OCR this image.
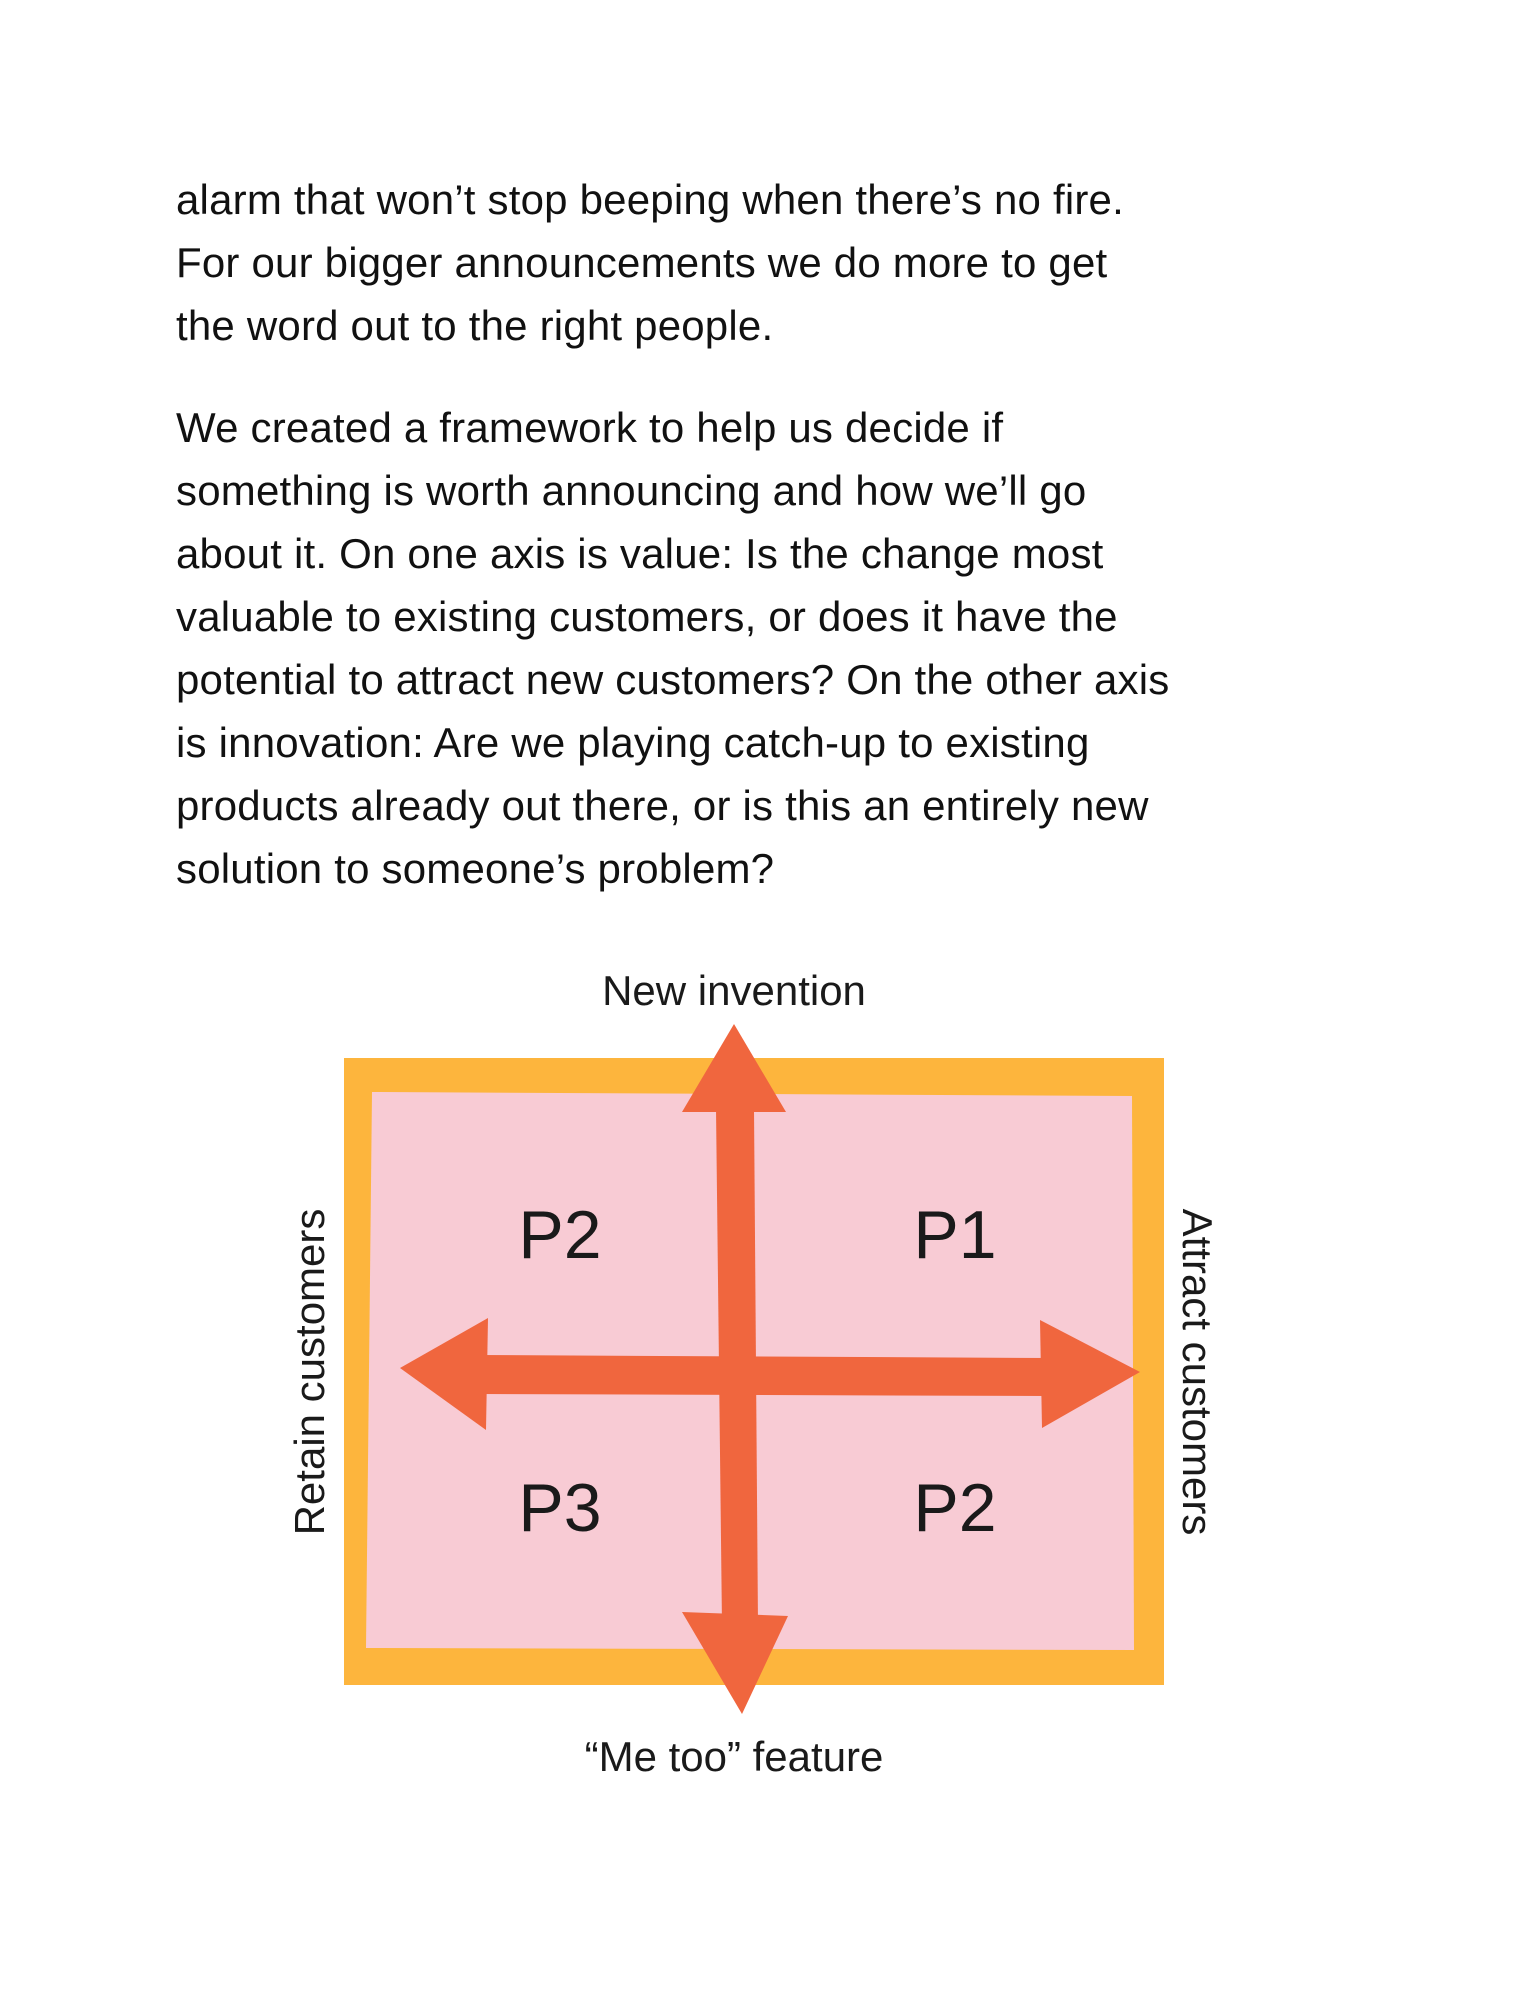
alarm that won’t stop beeping when there’s no fire.
For our bigger announcements we do more to get
the word out to the right people.
We created a framework to help us decide if
something is worth announcing and how we’ll go
about it. On one axis is value: Is the change most
valuable to existing customers, or does it have the
potential to attract new customers? On the other axis
is innovation: Are we playing catch-up to existing
products already out there, or is this an entirely new
solution to someone’s problem?
New invention
“Me too” feature
Retain customers	Attract customers
P2	P1
P3	P2
